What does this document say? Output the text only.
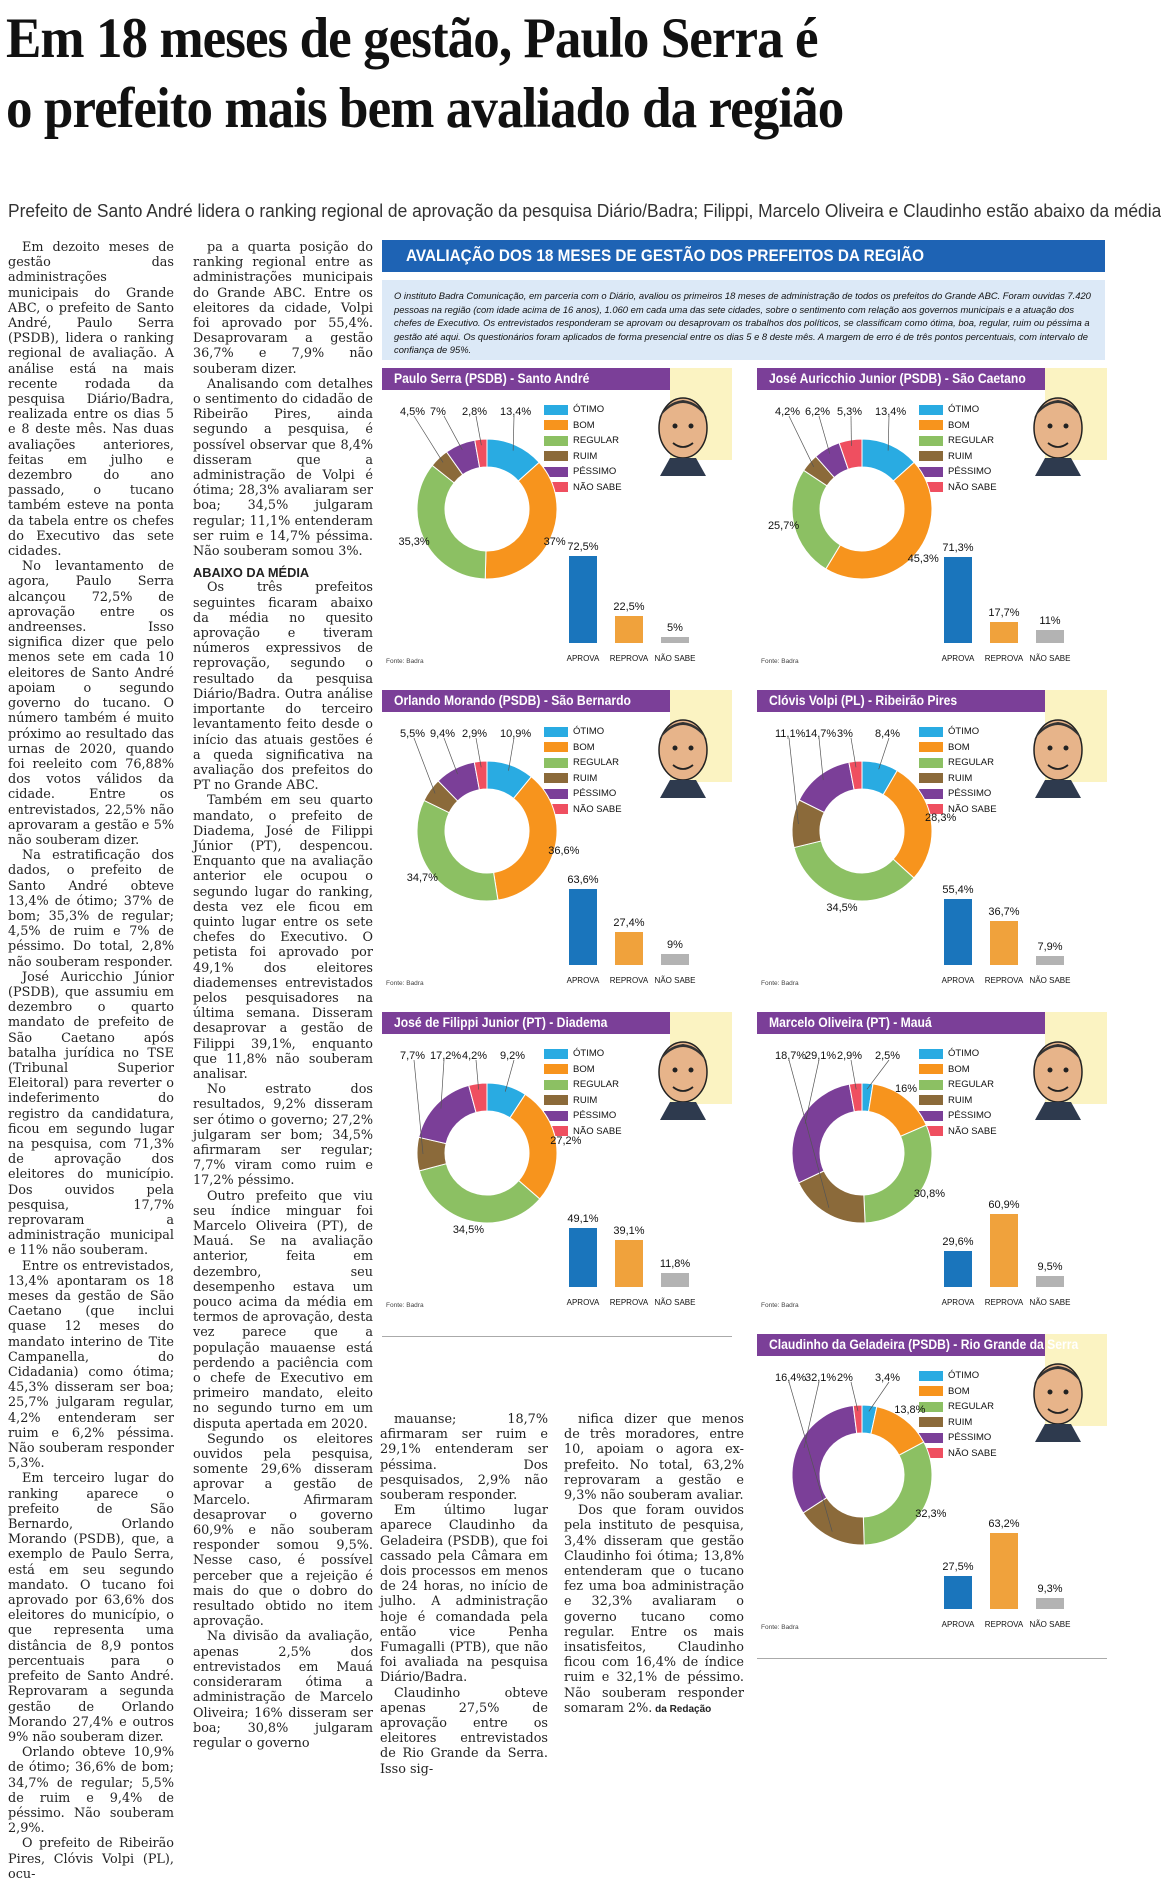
Em 18 meses de gestão, Paulo Serra é
o prefeito mais bem avaliado da região
Prefeito de Santo André lidera o ranking regional de aprovação da pesquisa Diário/Badra; Filippi, Marcelo Oliveira e Claudinho estão abaixo da média

Em dezoito meses de gestão das administrações municipais do Grande ABC, o prefeito de Santo André, Paulo Serra (PSDB), lidera o ranking regional de avaliação. A análise está na mais recente rodada da pesquisa Diário/Badra, realizada entre os dias 5 e 8 deste mês. Nas duas avaliações anteriores, feitas em julho e dezembro do ano passado, o tucano também esteve na ponta da tabela entre os chefes do Executivo das sete cidades.

No levantamento de agora, Paulo Serra alcançou 72,5% de aprovação entre os andreenses. Isso significa dizer que pelo menos sete em cada 10 eleitores de Santo André apoiam o segundo governo do tucano. O número também é muito próximo ao resultado das urnas de 2020, quando foi reeleito com 76,88% dos votos válidos da cidade. Entre os entrevistados, 22,5% não aprovaram a gestão e 5% não souberam dizer.

Na estratificação dos dados, o prefeito de Santo André obteve 13,4% de ótimo; 37% de bom; 35,3% de regular; 4,5% de ruim e 7% de péssimo. Do total, 2,8% não souberam responder.

José Auricchio Júnior (PSDB), que assumiu em dezembro o quarto mandato de prefeito de São Caetano após batalha jurídica no TSE (Tribunal Superior Eleitoral) para reverter o indeferimento do registro da candidatura, ficou em segundo lugar na pesquisa, com 71,3% de aprovação dos eleitores do município. Dos ouvidos pela pesquisa, 17,7% reprovaram a administração municipal e 11% não souberam.

Entre os entrevistados, 13,4% apontaram os 18 meses da gestão de São Caetano (que inclui quase 12 meses do mandato interino de Tite Campanella, do Cidadania) como ótima; 45,3% disseram ser boa; 25,7% julgaram regular, 4,2% entenderam ser ruim e 6,2% péssima. Não souberam responder 5,3%.

Em terceiro lugar do ranking aparece o prefeito de São Bernardo, Orlando Morando (PSDB), que, a exemplo de Paulo Serra, está em seu segundo mandato. O tucano foi aprovado por 63,6% dos eleitores do município, o que representa uma distância de 8,9 pontos percentuais para o prefeito de Santo André. Reprovaram a segunda gestão de Orlando Morando 27,4% e outros 9% não souberam dizer.

Orlando obteve 10,9% de ótimo; 36,6% de bom; 34,7% de regular; 5,5% de ruim e 9,4% de péssimo. Não souberam 2,9%.

O prefeito de Ribeirão Pires, Clóvis Volpi (PL), ocu-

pa a quarta posição do ranking regional entre as administrações municipais do Grande ABC. Entre os eleitores da cidade, Volpi foi aprovado por 55,4%. Desaprovaram a gestão 36,7% e 7,9% não souberam dizer.

Analisando com detalhes o sentimento do cidadão de Ribeirão Pires, ainda segundo a pesquisa, é possível observar que 8,4% disseram que a administração de Volpi é ótima; 28,3% avaliaram ser boa; 34,5% julgaram regular; 11,1% entenderam ser ruim e 14,7% péssima. Não souberam somou 3%.

ABAIXO DA MÉDIA

Os três prefeitos seguintes ficaram abaixo da média no quesito aprovação e tiveram números expressivos de reprovação, segundo o resultado da pesquisa Diário/Badra. Outra análise importante do terceiro levantamento feito desde o início das atuais gestões é a queda significativa na avaliação dos prefeitos do PT no Grande ABC.

Também em seu quarto mandato, o prefeito de Diadema, José de Filippi Júnior (PT), despencou. Enquanto que na avaliação anterior ele ocupou o segundo lugar do ranking, desta vez ele ficou em quinto lugar entre os sete chefes do Executivo. O petista foi aprovado por 49,1% dos eleitores diademenses entrevistados pelos pesquisadores na última semana. Disseram desaprovar a gestão de Filippi 39,1%, enquanto que 11,8% não souberam analisar.

No estrato dos resultados, 9,2% disseram ser ótimo o governo; 27,2% julgaram ser bom; 34,5% afirmaram ser regular; 7,7% viram como ruim e 17,2% péssimo.

Outro prefeito que viu seu índice minguar foi Marcelo Oliveira (PT), de Mauá. Se na avaliação anterior, feita em dezembro, seu desempenho estava um pouco acima da média em termos de aprovação, desta vez parece que a população mauaense está perdendo a paciência com o chefe de Executivo em primeiro mandato, eleito no segundo turno em um disputa apertada em 2020.

Segundo os eleitores ouvidos pela pesquisa, somente 29,6% disseram aprovar a gestão de Marcelo. Afirmaram desaprovar o governo 60,9% e não souberam responder somou 9,5%. Nesse caso, é possível perceber que a rejeição é mais do que o dobro do resultado obtido no item aprovação.

Na divisão da avaliação, apenas 2,5% dos entrevistados em Mauá consideraram ótima a administração de Marcelo Oliveira; 16% disseram ser boa; 30,8% julgaram regular o governo

mauanse; 18,7% afirmaram ser ruim e 29,1% entenderam ser péssima. Dos pesquisados, 2,9% não souberam responder.

Em último lugar aparece Claudinho da Geladeira (PSDB), que foi cassado pela Câmara em dois processos em menos de 24 horas, no início de julho. A administração hoje é comandada pela então vice Penha Fumagalli (PTB), que não foi avaliada na pesquisa Diário/Badra.

Claudinho obteve apenas 27,5% de aprovação entre os eleitores entrevistados de Rio Grande da Serra. Isso sig-

nifica dizer que menos de três moradores, entre 10, apoiam o agora ex-prefeito. No total, 63,2% reprovaram a gestão e 9,3% não souberam avaliar.

Dos que foram ouvidos pela instituto de pesquisa, 3,4% disseram que gestão Claudinho foi ótima; 13,8% entenderam que o tucano fez uma boa administração e 32,3% avaliaram o governo tucano como regular. Entre os mais insatisfeitos, Claudinho ficou com 16,4% de índice ruim e 32,1% de péssimo. Não souberam responder somaram 2%. da Redação

AVALIAÇÃO DOS 18 MESES DE GESTÃO DOS PREFEITOS DA REGIÃO
O instituto Badra Comunicação, em parceria com o Diário, avaliou os primeiros 18 meses de administração de todos os prefeitos do Grande ABC. Foram ouvidas 7.420 pessoas na região (com idade acima de 16 anos), 1.060 em cada uma das sete cidades, sobre o sentimento com relação aos governos municipais e a atuação dos chefes de Executivo. Os entrevistados responderam se aprovam ou desaprovam os trabalhos dos políticos, se classificam como ótima, boa, regular, ruim ou péssima a gestão até aqui. Os questionários foram aplicados de forma presencial entre os dias 5 e 8 deste mês. A margem de erro é de três pontos percentuais, com intervalo de confiança de 95%.
Paulo Serra (PSDB) - Santo André
ÓTIMO
BOM
REGULAR
RUIM
PÉSSIMO
NÃO SABE
4,5% 7% 2,8% 13,4%
37%
35,3%	72,5%
APROVA
22,5%
REPROVA
5%
NÃO SABE
Fonte: Badra
José Auricchio Junior (PSDB) - São Caetano
ÓTIMO
BOM
REGULAR
RUIM
PÉSSIMO
NÃO SABE
4,2% 6,2% 5,3% 13,4%
45,3%
25,7%
71,3%
APROVA
17,7%
REPROVA
11%
NÃO SABE
Fonte: Badra
Orlando Morando (PSDB) - São Bernardo
ÓTIMO
BOM
REGULAR
RUIM
PÉSSIMO
NÃO SABE
5,5% 9,4% 2,9% 10,9%
36,6%
34,7%	63,6%
APROVA
27,4%
REPROVA
9%
NÃO SABE
Fonte: Badra
Clóvis Volpi (PL) - Ribeirão Pires
ÓTIMO
BOM
REGULAR
RUIM
PÉSSIMO
NÃO SABE
11,1% 14,7% 3% 8,4%
28,3%
34,5%
55,4%
APROVA
36,7%
REPROVA
7,9%
NÃO SABE
Fonte: Badra
José de Filippi Junior (PT) - Diadema
ÓTIMO
BOM
REGULAR
RUIM
PÉSSIMO
NÃO SABE
7,7% 17,2% 4,2% 9,2%
27,2%
34,5%
49,1%
APROVA
39,1%
REPROVA
11,8%
NÃO SABE
Fonte: Badra
Marcelo Oliveira (PT) - Mauá
ÓTIMO
BOM
REGULAR
RUIM
PÉSSIMO
NÃO SABE
18,7%
29,1% 2,9% 2,5%
16%
30,8%
29,6%
APROVA
60,9%
REPROVA
9,5%
NÃO SABE
Fonte: Badra
Claudinho da Geladeira (PSDB) - Rio Grande da Serra
ÓTIMO
BOM
REGULAR
RUIM
PÉSSIMO
NÃO SABE
16,4%
32,1% 2% 3,4%
13,8%
32,3%
27,5%
APROVA
63,2%
REPROVA
9,3%
NÃO SABE
Fonte: Badra
